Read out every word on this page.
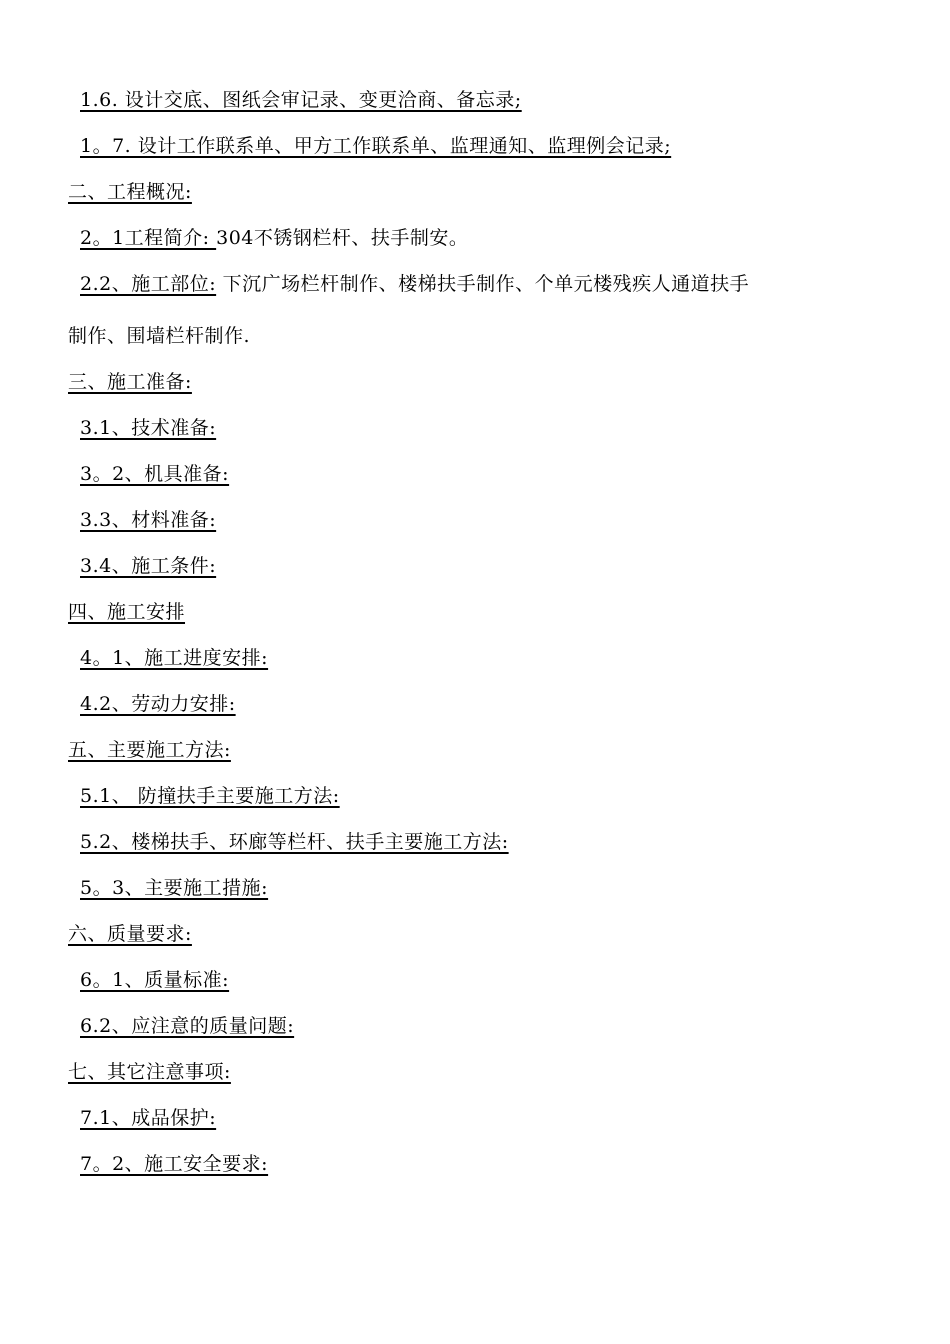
1.6. 设计交底、图纸会审记录、变更洽商、备忘录;
1。7. 设计工作联系单、甲方工作联系单、监理通知、监理例会记录;
二、工程概况:
2。1工程简介: 304不锈钢栏杆、扶手制安。
2.2、施工部位: 下沉广场栏杆制作、楼梯扶手制作、个单元楼残疾人通道扶手
制作、围墙栏杆制作.
三、施工准备:
3.1、技术准备:
3。2、机具准备:
3.3、材料准备:
3.4、施工条件:
四、施工安排
4。1、施工进度安排:
4.2、劳动力安排:
五、主要施工方法:
5.1、 防撞扶手主要施工方法:
5.2、楼梯扶手、环廊等栏杆、扶手主要施工方法:
5。3、主要施工措施:
六、质量要求:
6。1、质量标准:
6.2、应注意的质量问题:
七、其它注意事项:
7.1、成品保护:
7。2、施工安全要求:
